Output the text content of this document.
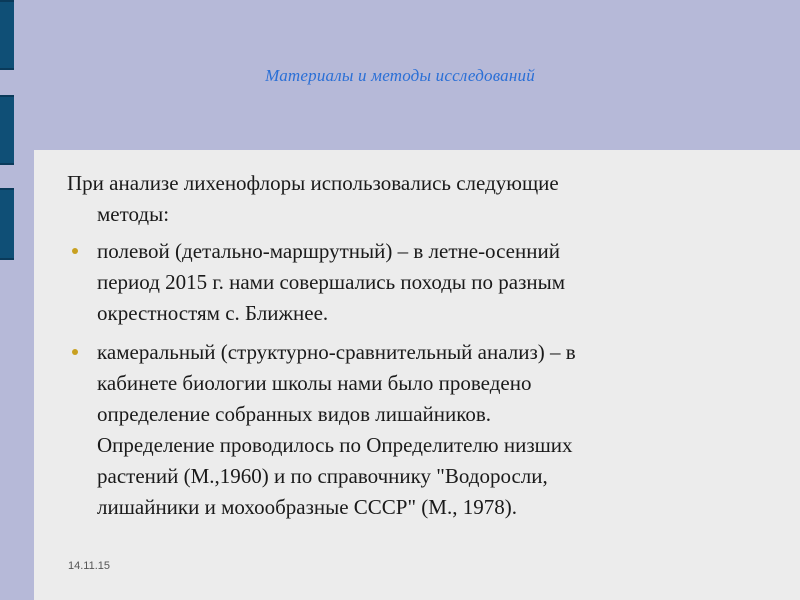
Материалы и методы исследований

При анализе лихенофлоры использовались следующие
методы:

полевой (детально-маршрутный) – в летне-осенний
период 2015 г. нами совершались походы по разным
окрестностям с. Ближнее.
камеральный (структурно-сравнительный анализ) – в
кабинете биологии школы нами было проведено
определение собранных видов лишайников.
Определение проводилось по Определителю низших
растений (М.,1960) и по справочнику "Водоросли,
лишайники и мохообразные СССР" (М., 1978).
14.11.15
